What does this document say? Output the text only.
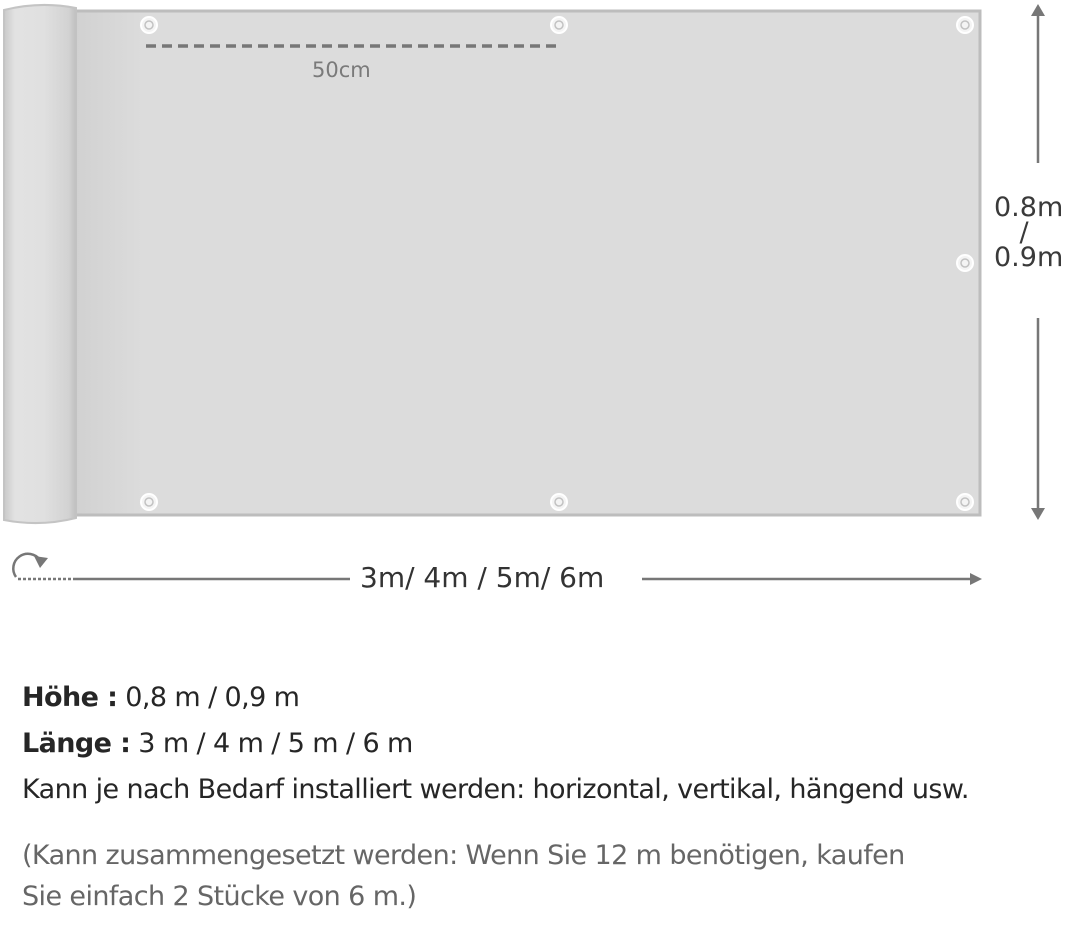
50cm
0.8m
/
0.9m
3m/ 4m / 5m/ 6m
Höhe : 0,8 m / 0,9 m
Länge : 3 m / 4 m / 5 m / 6 m
Kann je nach Bedarf installiert werden: horizontal, vertikal, hängend usw.
(Kann zusammengesetzt werden: Wenn Sie 12 m benötigen, kaufen
Sie einfach 2 Stücke von 6 m.)
